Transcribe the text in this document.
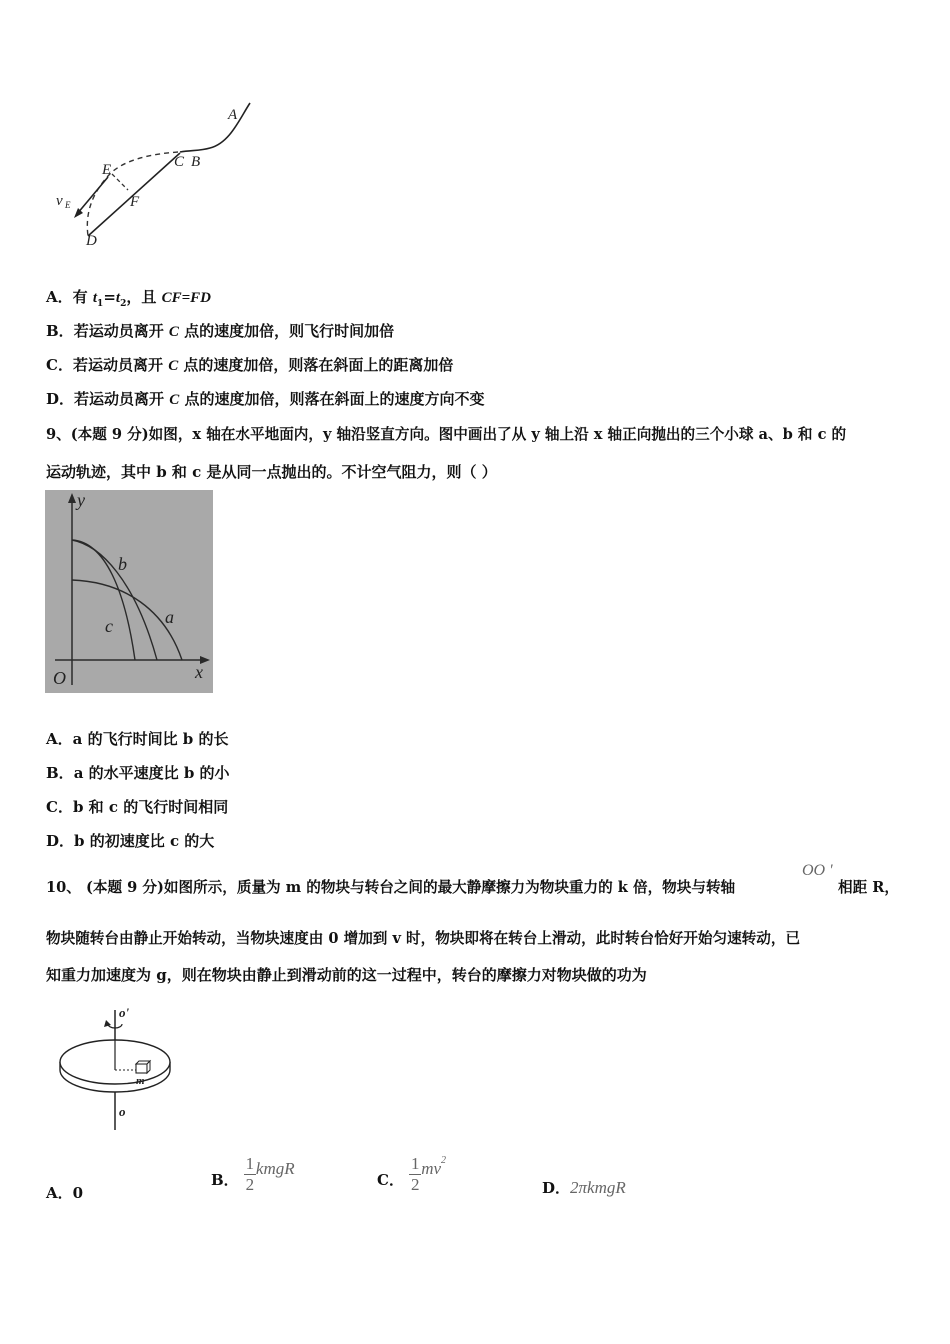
A
C B
E
F
v E
D
A．有 $t_1=t_2$，且 CF=FD
B．若运动员离开 C 点的速度加倍，则飞行时间加倍
C．若运动员离开 C 点的速度加倍，则落在斜面上的距离加倍
D．若运动员离开 C 点的速度加倍，则落在斜面上的速度方向不变
9、(本题 9 分)如图，x 轴在水平地面内，y 轴沿竖直方向。图中画出了从 y 轴上沿 x 轴正向抛出的三个小球 a、b 和 c 的
运动轨迹，其中 b 和 c 是从同一点抛出的。不计空气阻力，则（ ）
y
b
a
c
O	x
A．a 的飞行时间比 b 的长
B．a 的水平速度比 b 的小
C．b 和 c 的飞行时间相同
D．b 的初速度比 c 的大
10、 (本题 9 分)如图所示，质量为 m 的物块与转台之间的最大静摩擦力为物块重力的 k 倍，物块与转轴
OO '
相距 R，
物块随转台由静止开始转动，当物块速度由 0 增加到 v 时，物块即将在转台上滑动，此时转台恰好开始匀速转动，已
知重力加速度为 g，则在物块由静止到滑动前的这一过程中，转台的摩擦力对物块做的功为
o'
m
o
A．0
B． $\frac{1}{2}$ kmgR
C． $\frac{1}{2} mv^2$
D．2πkmgR
